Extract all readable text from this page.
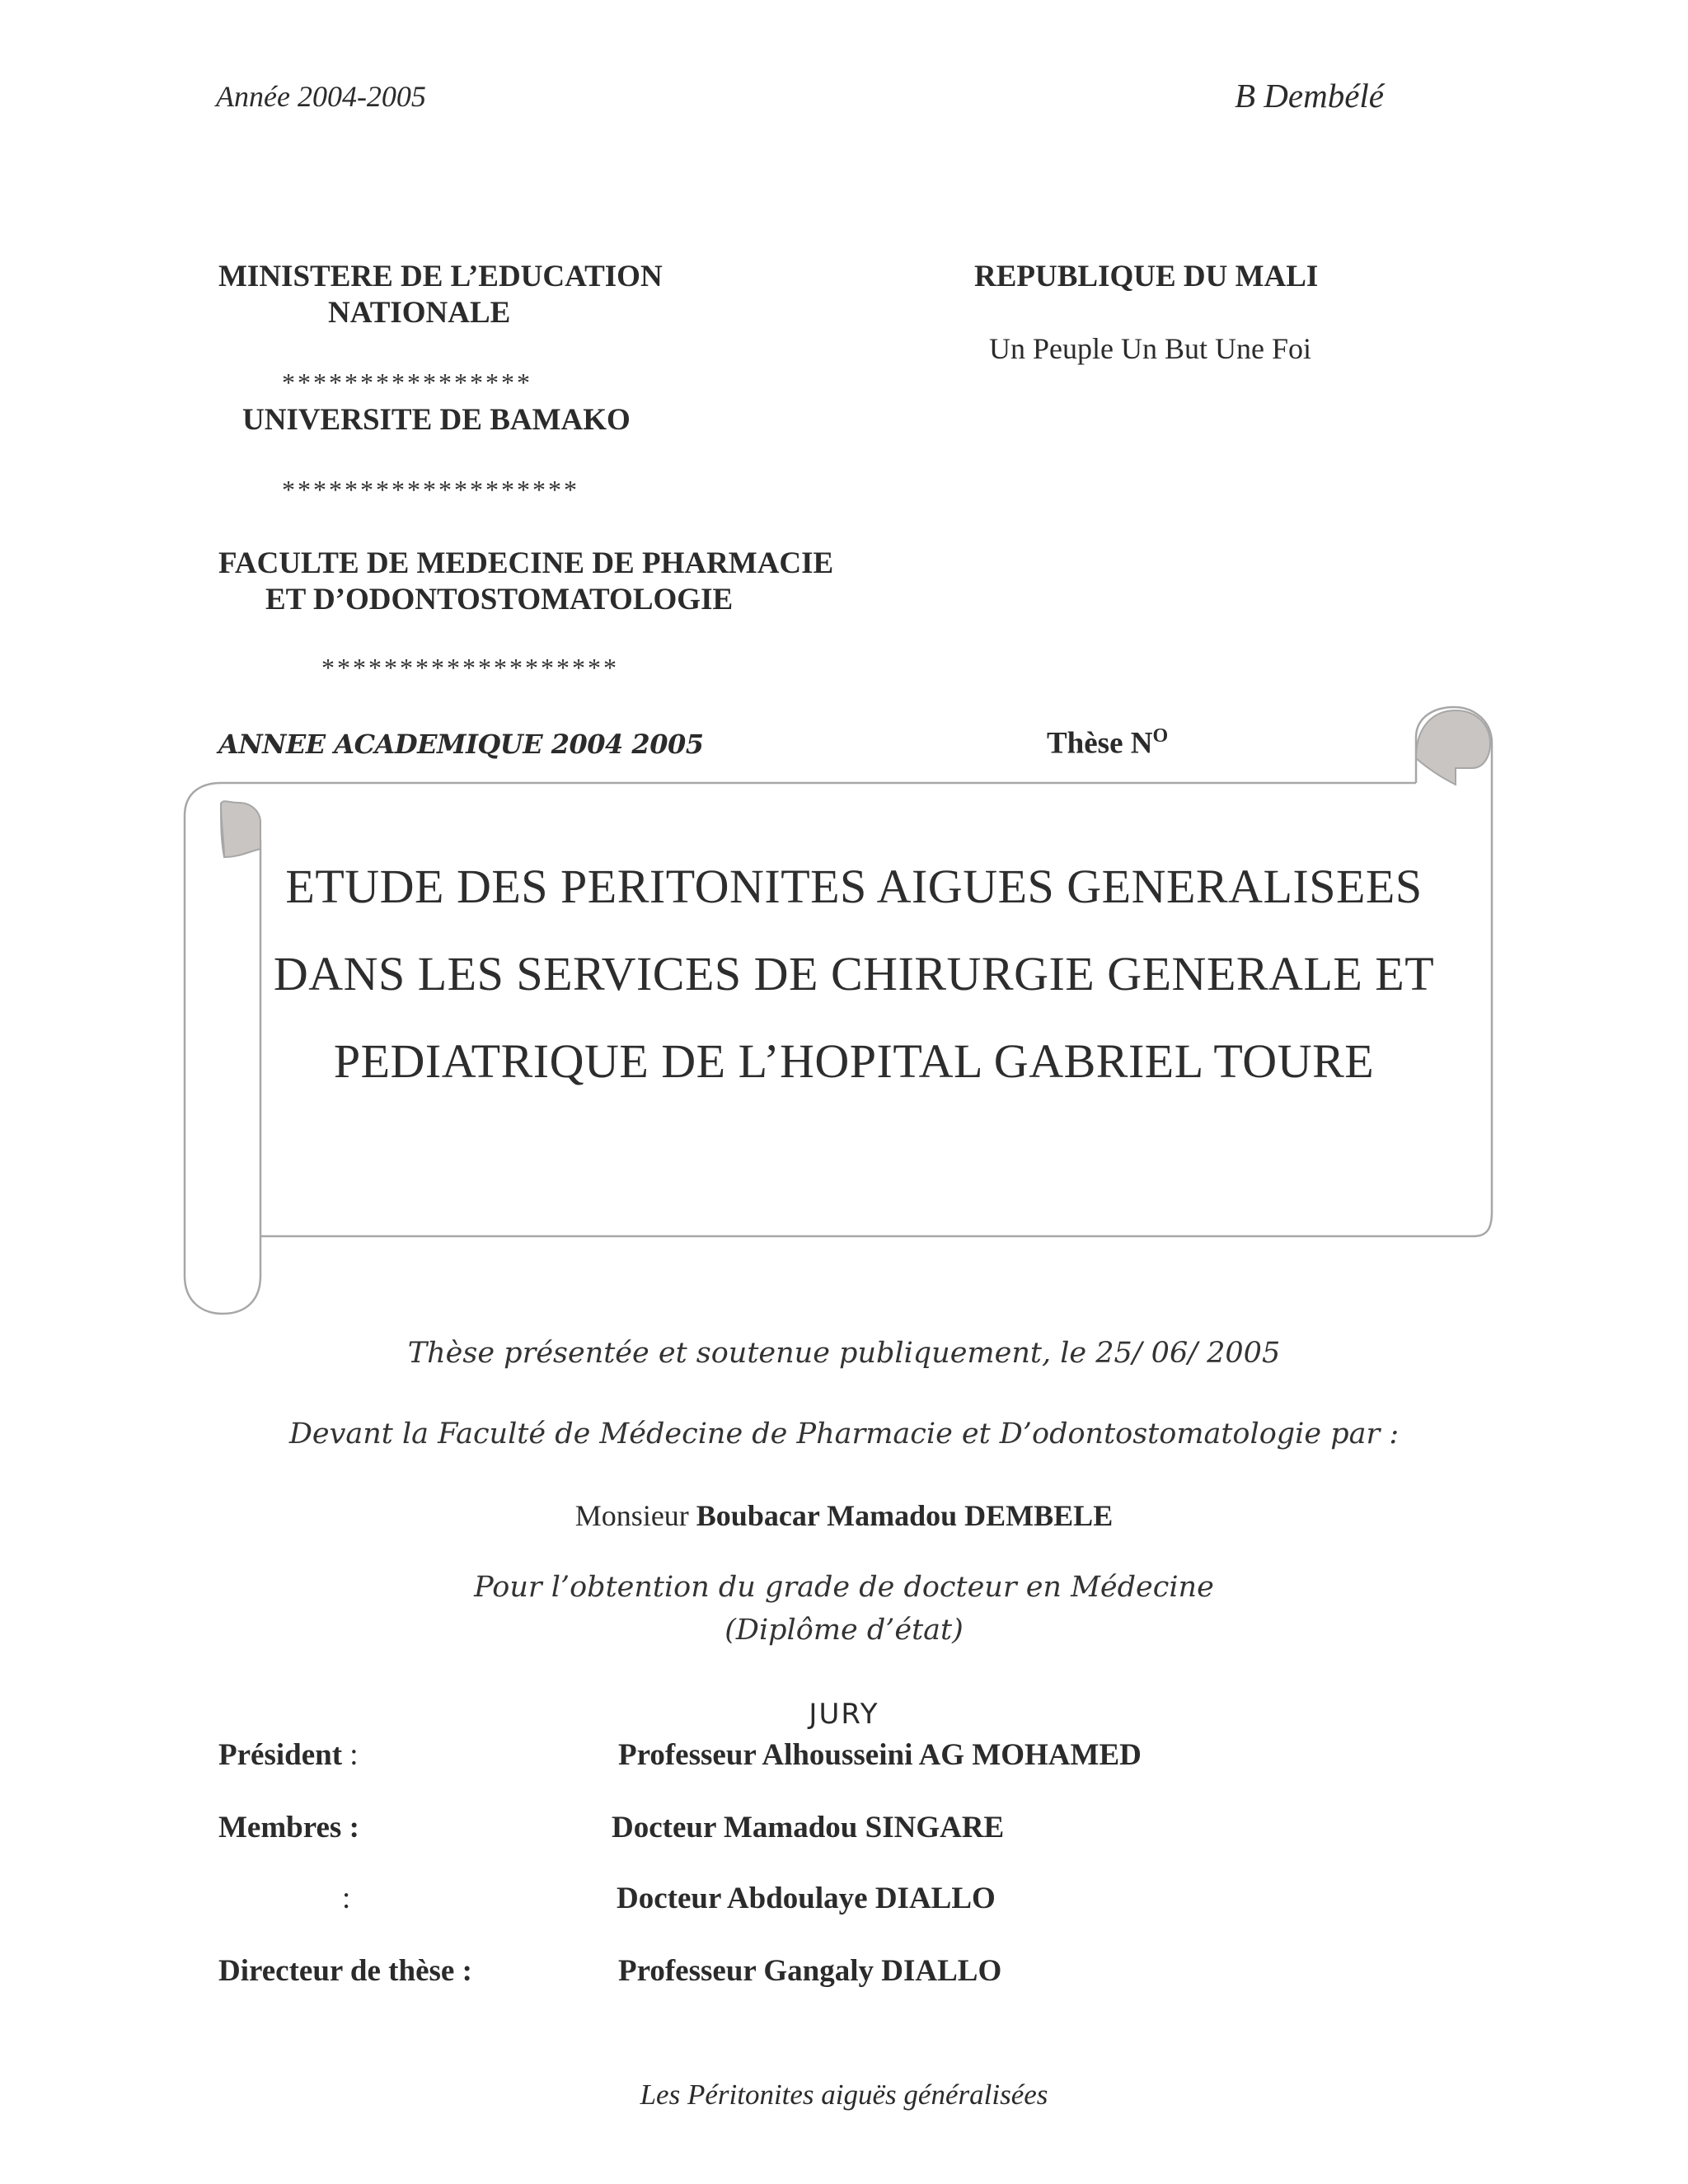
Année 2004-2005	B Dembélé
MINISTERE DE L’EDUCATION
NATIONALE
****************
UNIVERSITE DE BAMAKO
*******************
FACULTE DE MEDECINE DE PHARMACIE
ET D’ODONTOSTOMATOLOGIE
*******************
REPUBLIQUE DU MALI
Un Peuple Un But Une Foi
ANNEE ACADEMIQUE 2004 2005	Thèse $N^O$
ETUDE DES PERITONITES AIGUES GENERALISEES
DANS LES SERVICES DE CHIRURGIE GENERALE ET
PEDIATRIQUE DE L’HOPITAL GABRIEL TOURE
Thèse présentée et soutenue publiquement, le 25/ 06/ 2005
Devant la Faculté de Médecine de Pharmacie et D’odontostomatologie par :
Monsieur Boubacar Mamadou DEMBELE
Pour l’obtention du grade de docteur en Médecine
(Diplôme d’état)
JURY
Président :	Professeur Alhousseini AG MOHAMED
Membres :	Docteur Mamadou SINGARE
:	Docteur Abdoulaye DIALLO
Directeur de thèse :	Professeur Gangaly DIALLO
Les Péritonites aiguës généralisées
